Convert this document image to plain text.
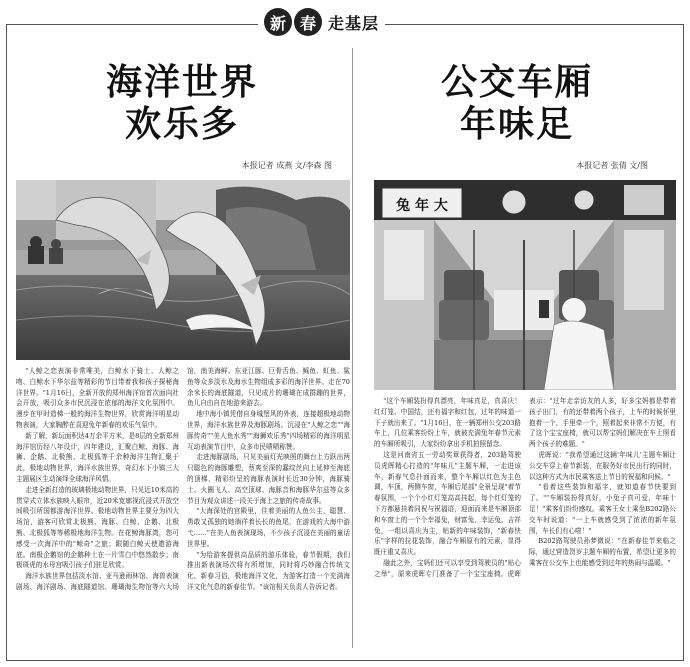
新 春 走基层
海洋世界
欢乐多
本报记者 成燕 文/李森 图

"人鲸之恋表演非常唯美，白鲸水下骑士、人鲸之吻、白鲸水下华尔兹等精彩的节目带着我和孩子探秘海洋世界。"1月16日，全新开放的郑州海洋馆首次面向社会开放，吸引众多市民沉浸在浓郁的海洋文化氛围中。漫步在甲时造梯一般的海洋生物世界，欣赏海洋明星动物表演，大家胸醉在喜迎兔年新春的欢乐气氛中。

新了解，新玩面积达4万余平方米，是8层的全新郑州海洋馆历经八年设计，四年建设，汇聚白鲸、海豚、海狮、企鹅、北极熊、北极狐等千余种海洋生物汇聚于此，极地动物世界，海洋水族世界，奇幻水下小镇三大主题展区生动演绎全球海洋风情。

走进全新打造的玻璃极地动物世界，只见近10米高的贯穿式立体水族映入眼帘，近20米宽廓视沉浸式开放空间吸引所国都游海洋世界。极地动物世界主要分为四大场馆，游客可欣赏北极熊、海豚、白鲸、企鹅、北极熊、北极狐等等稀极地海洋生物。在花鲸海豚湾，您可感受一次海洋中的"鲸奇"之旅；跟随白鲸天使遨游海底。南极企鹅馆的企鹅种士在一片雪白中悠然散步；南极斑虎的水母宫吸引孩子们驻足欣赏。

海洋水族世界包括淡水馆、亚马逊雨林馆、海兽表演剧场、海洋剧场、海底隧道馆、珊瑚海生物馆等六大场馆，南美海鲜、东亚江豚、巨骨舌鱼、鳐鱼、虹鱼、鲨鱼等众多淡水及海水生物组成多彩的海洋世界。走在70余米长的海底隧道，只见成片的珊瑚在成群蹦的世界，鱼儿自由自在地游来游去。

地中海小镇凭借自身城堡风的外表，连接超极地动物世界，海洋水族世界及海豚剧场。沉浸在"人鲸之恋""海豚传奇""美人鱼水秀""海狮欢乐秀"四场精彩的海洋明星互动表演节目中，众多市民啧啧称赞。

走进海豚剧场，只见美丽灯光映照的舞台上方跃出两只聪色的海豚雕塑，蔡爽至深的蠢纹丝向上延伸至海底的顶梯，精彩纷呈的海豚表演时长近30分钟，海豚骑士、火圈飞人、高空顶球、海豚音和海豚华尔兹等众多节目为观众讲述一段关于海上之旅的传奇故事。

"大海深处的宫殿里，住着美丽的人鱼公主，聪慧、勇敢又孤独的她徜徉着长长的鱼尾，在游戏的大海中游弋……"在美人鱼表演现场，不少孩子沉浸在美丽的童话世界里。

"为给游客提供高品质的游乐体验，春节假期，我们推出新表演场次将有所增加，同时将巧妙融合传统文化，新春习俗，极地海洋文化，为游客打造一个充满海洋文化气息的新春佳节。"该馆相关负责人告诉记者。

公交车厢
年味足
本报记者 张倩 文/图
兔 年 大

"这个车厢装扮得真漂亮，年味真足，真喜庆！红灯笼、中国结，还有福字和红包，过年的味道一下子就出来了。"1月16日，在一辆郑州公交203路车上，几位乘客纷纷上车，就被充满兔年春节元素的车厢所吸引，大家纷纷拿出手机拍照留念。

这是河南省五一劳动奖章获得者，203路驾驶员虎晖精心打造的"年味儿"主题车厢，一走进该车，新春气息扑面而来，整个车厢以红色为主色调，车顶，两侧车窗，车厢后尾部"全景呈现"着节春氛围，一个个小红灯笼高高挂起，每个红灯笼的下方都悬挂着同祝与祝福语，迎面而来是车厢顶部和车窗上的一个个幸福兔，财富兔，幸运兔，吉祥兔，一组以喜庆为主，贴新的年味装饰，"新春快乐"字样的拉花装饰，融合车厢原有的元素，显得既庄重又喜庆。

融此之外，宝妈们还可以享受到驾驶员的"贴心之举"，原来虎晖专门准备了一个宝宝座椅。虎晖表示："过年走亲访友的人多，好多宝妈都是带着孩子出门，有的还带着两个孩子，上车的时候怀里抱着一个，手里牵一个，照着起来非常不方便，有了这个宝宝座椅，就可以帮宝妈们解决在车上照看两个孩子的难题。"

虎晖说："我希望通过这辆'年味儿'主题车厢让公交车穿上春节新装，在服务好市民出行的同时，以这种方式为市民乘客送上节日的祝福和问候。"

"看着这些装饰和福字，就知道春节快要到了。""车厢装扮得真好，小兔子真可爱，年味十足！"乘客们纷纷感叹。乘客王女士乘坐B202路公交车时说道："一上车就感受到了浓浓的新年氛围，车长们有心啦！"

B202路驾驶员孙梦微说："在新春佳节来临之际，通过营造贺岁主题车厢的布置，希望让更多的乘客在公交车上也能感受到过年的热闹与温暖。"
